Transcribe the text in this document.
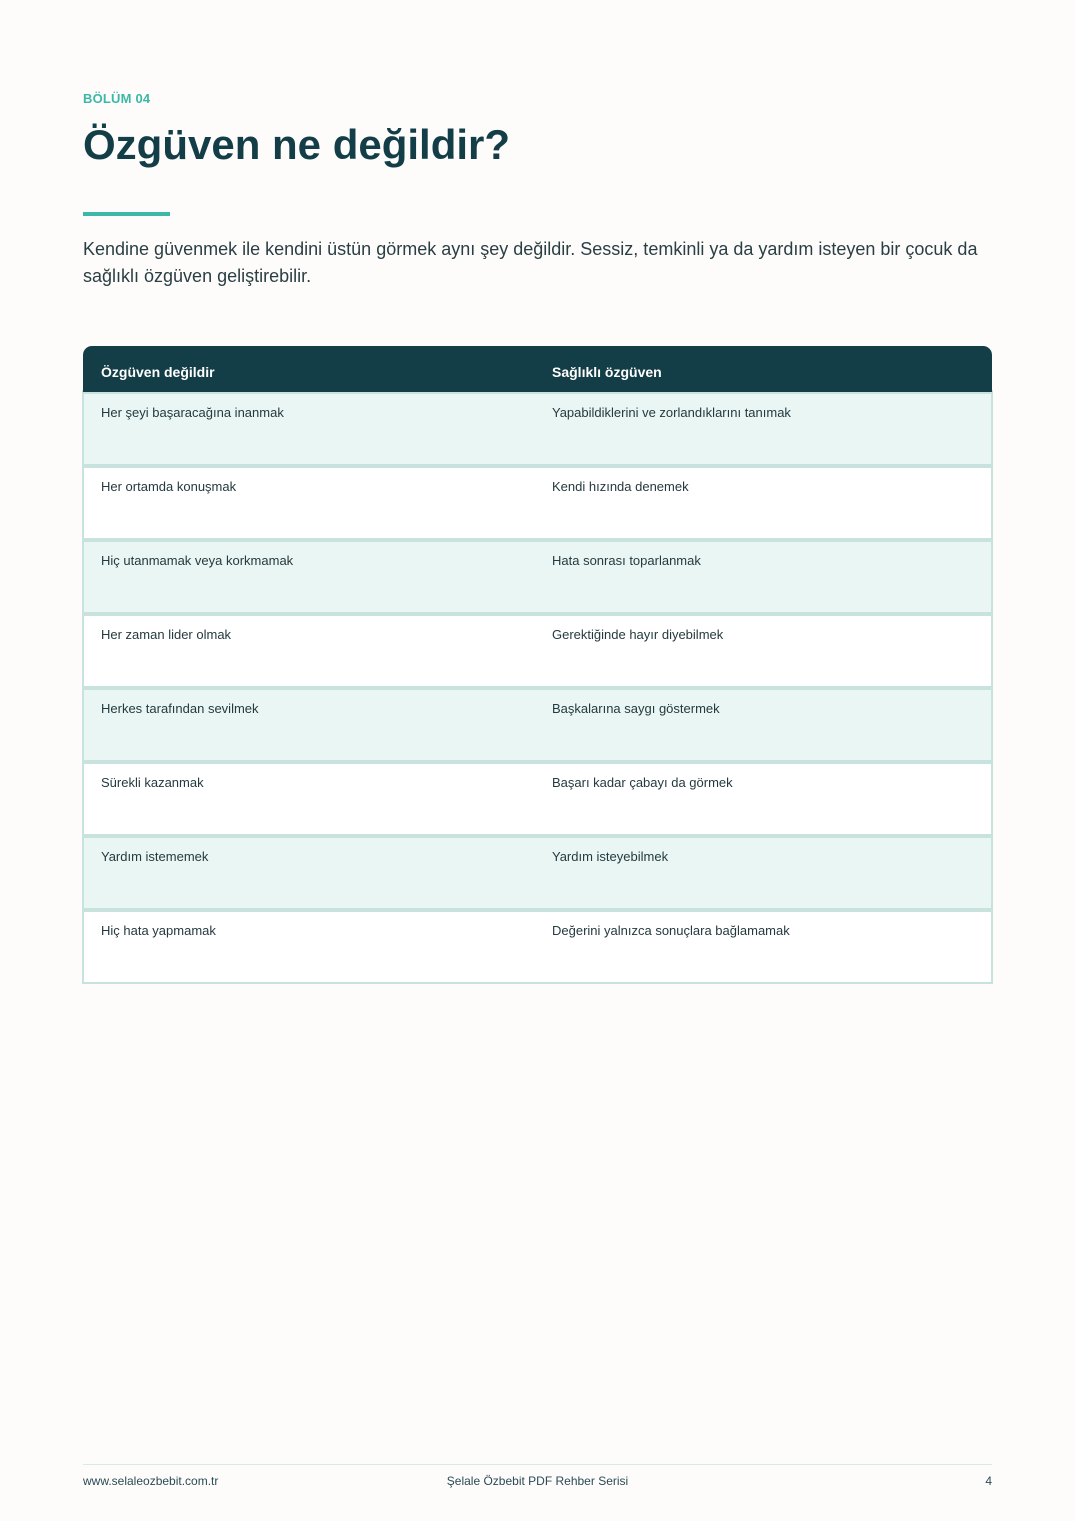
BÖLÜM 04
Özgüven ne değildir?

Kendine güvenmek ile kendini üstün görmek aynı şey değildir. Sessiz, temkinli ya da yardım isteyen bir çocuk da sağlıklı özgüven geliştirebilir.

Özgüven değildir	Sağlıklı özgüven
Her şeyi başaracağına inanmak	Yapabildiklerini ve zorlandıklarını tanımak
Her ortamda konuşmak	Kendi hızında denemek
Hiç utanmamak veya korkmamak	Hata sonrası toparlanmak
Her zaman lider olmak	Gerektiğinde hayır diyebilmek
Herkes tarafından sevilmek	Başkalarına saygı göstermek
Sürekli kazanmak	Başarı kadar çabayı da görmek
Yardım istememek	Yardım isteyebilmek
Hiç hata yapmamak	Değerini yalnızca sonuçlara bağlamamak
www.selaleozbebit.com.tr	Şelale Özbebit PDF Rehber Serisi	4
